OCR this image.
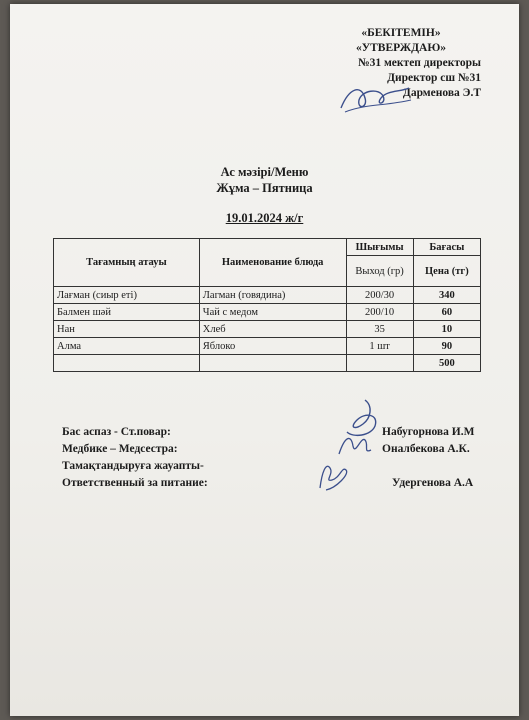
«БЕКІТЕМІН»
«УТВЕРЖДАЮ»
№31 мектеп директоры
Директор сш №31
Дарменова Э.Т
Ас мәзірі/Меню
Жұма – Пятница
19.01.2024 ж/г
Тағамның атауы	Наименование блюда	Шығымы	Бағасы
		Выход (гр)	Цена (тг)
Лағман (сиыр еті)	Лагман (говядина)	200/30	340
Балмен шәй	Чай с медом	200/10	60
Нан	Хлеб	35	10
Алма	Яблоко	1 шт	90
			500
Бас аспаз - Ст.повар:	Набугорнова И.М
Медбике – Медсестра:	Оналбекова А.К.
Тамақтандыруға жауапты-
Ответственный за питание:	Удергенова А.А
